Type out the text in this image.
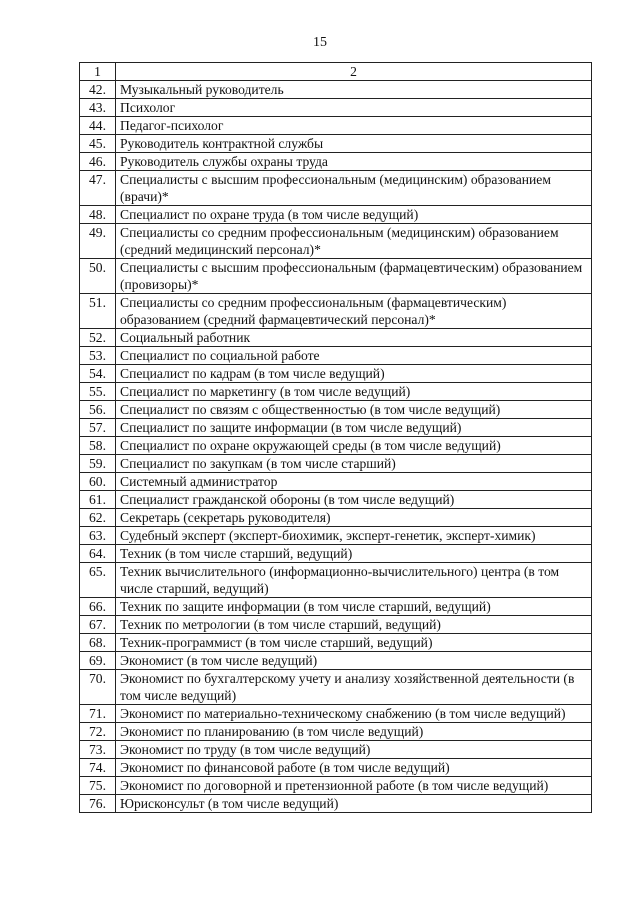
15
1	2
42.	Музыкальный руководитель
43.	Психолог
44.	Педагог-психолог
45.	Руководитель контрактной службы
46.	Руководитель службы охраны труда
47.	Специалисты с высшим профессиональным (медицинским) образованием (врачи)*
48.	Специалист по охране труда (в том числе ведущий)
49.	Специалисты со средним профессиональным (медицинским) образованием (средний медицинский персонал)*
50.	Специалисты с высшим профессиональным (фармацевтическим) образованием (провизоры)*
51.	Специалисты со средним профессиональным (фармацевтическим) образованием (средний фармацевтический персонал)*
52.	Социальный работник
53.	Специалист по социальной работе
54.	Специалист по кадрам (в том числе ведущий)
55.	Специалист по маркетингу (в том числе ведущий)
56.	Специалист по связям с общественностью (в том числе ведущий)
57.	Специалист по защите информации (в том числе ведущий)
58.	Специалист по охране окружающей среды (в том числе ведущий)
59.	Специалист по закупкам (в том числе старший)
60.	Системный администратор
61.	Специалист гражданской обороны (в том числе ведущий)
62.	Секретарь (секретарь руководителя)
63.	Судебный эксперт (эксперт-биохимик, эксперт-генетик, эксперт-химик)
64.	Техник (в том числе старший, ведущий)
65.	Техник вычислительного (информационно-вычислительного) центра (в том числе старший, ведущий)
66.	Техник по защите информации (в том числе старший, ведущий)
67.	Техник по метрологии (в том числе старший, ведущий)
68.	Техник-программист (в том числе старший, ведущий)
69.	Экономист (в том числе ведущий)
70.	Экономист по бухгалтерскому учету и анализу хозяйственной деятельности (в том числе ведущий)
71.	Экономист по материально-техническому снабжению (в том числе ведущий)
72.	Экономист по планированию (в том числе ведущий)
73.	Экономист по труду (в том числе ведущий)
74.	Экономист по финансовой работе (в том числе ведущий)
75.	Экономист по договорной и претензионной работе (в том числе ведущий)
76.	Юрисконсульт (в том числе ведущий)
